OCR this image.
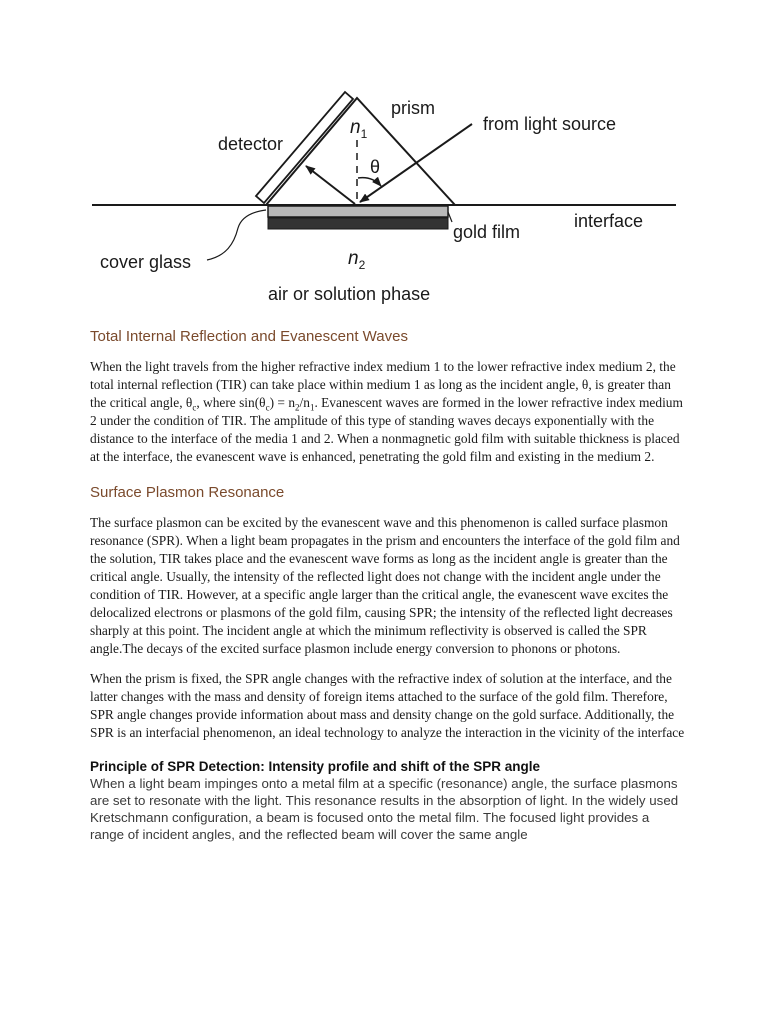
prism
$n_1$
θ
detector
from light source
interface
gold film
cover glass	$n_2$
air or solution phase
Total Internal Reflection and Evanescent Waves

When the light travels from the higher refractive index medium 1 to the lower refractive index medium 2, the total internal reflection (TIR) can take place within medium 1 as long as the incident angle, θ, is greater than the critical angle, $\theta_c$, where $\sin(\theta_c) = n_2/n_1$. Evanescent waves are formed in the lower refractive index medium 2 under the condition of TIR. The amplitude of this type of standing waves decays exponentially with the distance to the interface of the media 1 and 2. When a nonmagnetic gold film with suitable thickness is placed at the interface, the evanescent wave is enhanced, penetrating the gold film and existing in the medium 2.

Surface Plasmon Resonance

The surface plasmon can be excited by the evanescent wave and this phenomenon is called surface plasmon resonance (SPR). When a light beam propagates in the prism and encounters the interface of the gold film and the solution, TIR takes place and the evanescent wave forms as long as the incident angle is greater than the critical angle. Usually, the intensity of the reflected light does not change with the incident angle under the condition of TIR. However, at a specific angle larger than the critical angle, the evanescent wave excites the delocalized electrons or plasmons of the gold film, causing SPR; the intensity of the reflected light decreases sharply at this point. The incident angle at which the minimum reflectivity is observed is called the SPR angle.The decays of the excited surface plasmon include energy conversion to phonons or photons.

When the prism is fixed, the SPR angle changes with the refractive index of solution at the interface, and the latter changes with the mass and density of foreign items attached to the surface of the gold film. Therefore, SPR angle changes provide information about mass and density change on the gold surface. Additionally, the SPR is an interfacial phenomenon, an ideal technology to analyze the interaction in the vicinity of the interface

Principle of SPR Detection: Intensity profile and shift of the SPR angle

When a light beam impinges onto a metal film at a specific (resonance) angle, the surface plasmons are set to resonate with the light. This resonance results in the absorption of light. In the widely used Kretschmann configuration, a beam is focused onto the metal film. The focused light provides a range of incident angles, and the reflected beam will cover the same angle
